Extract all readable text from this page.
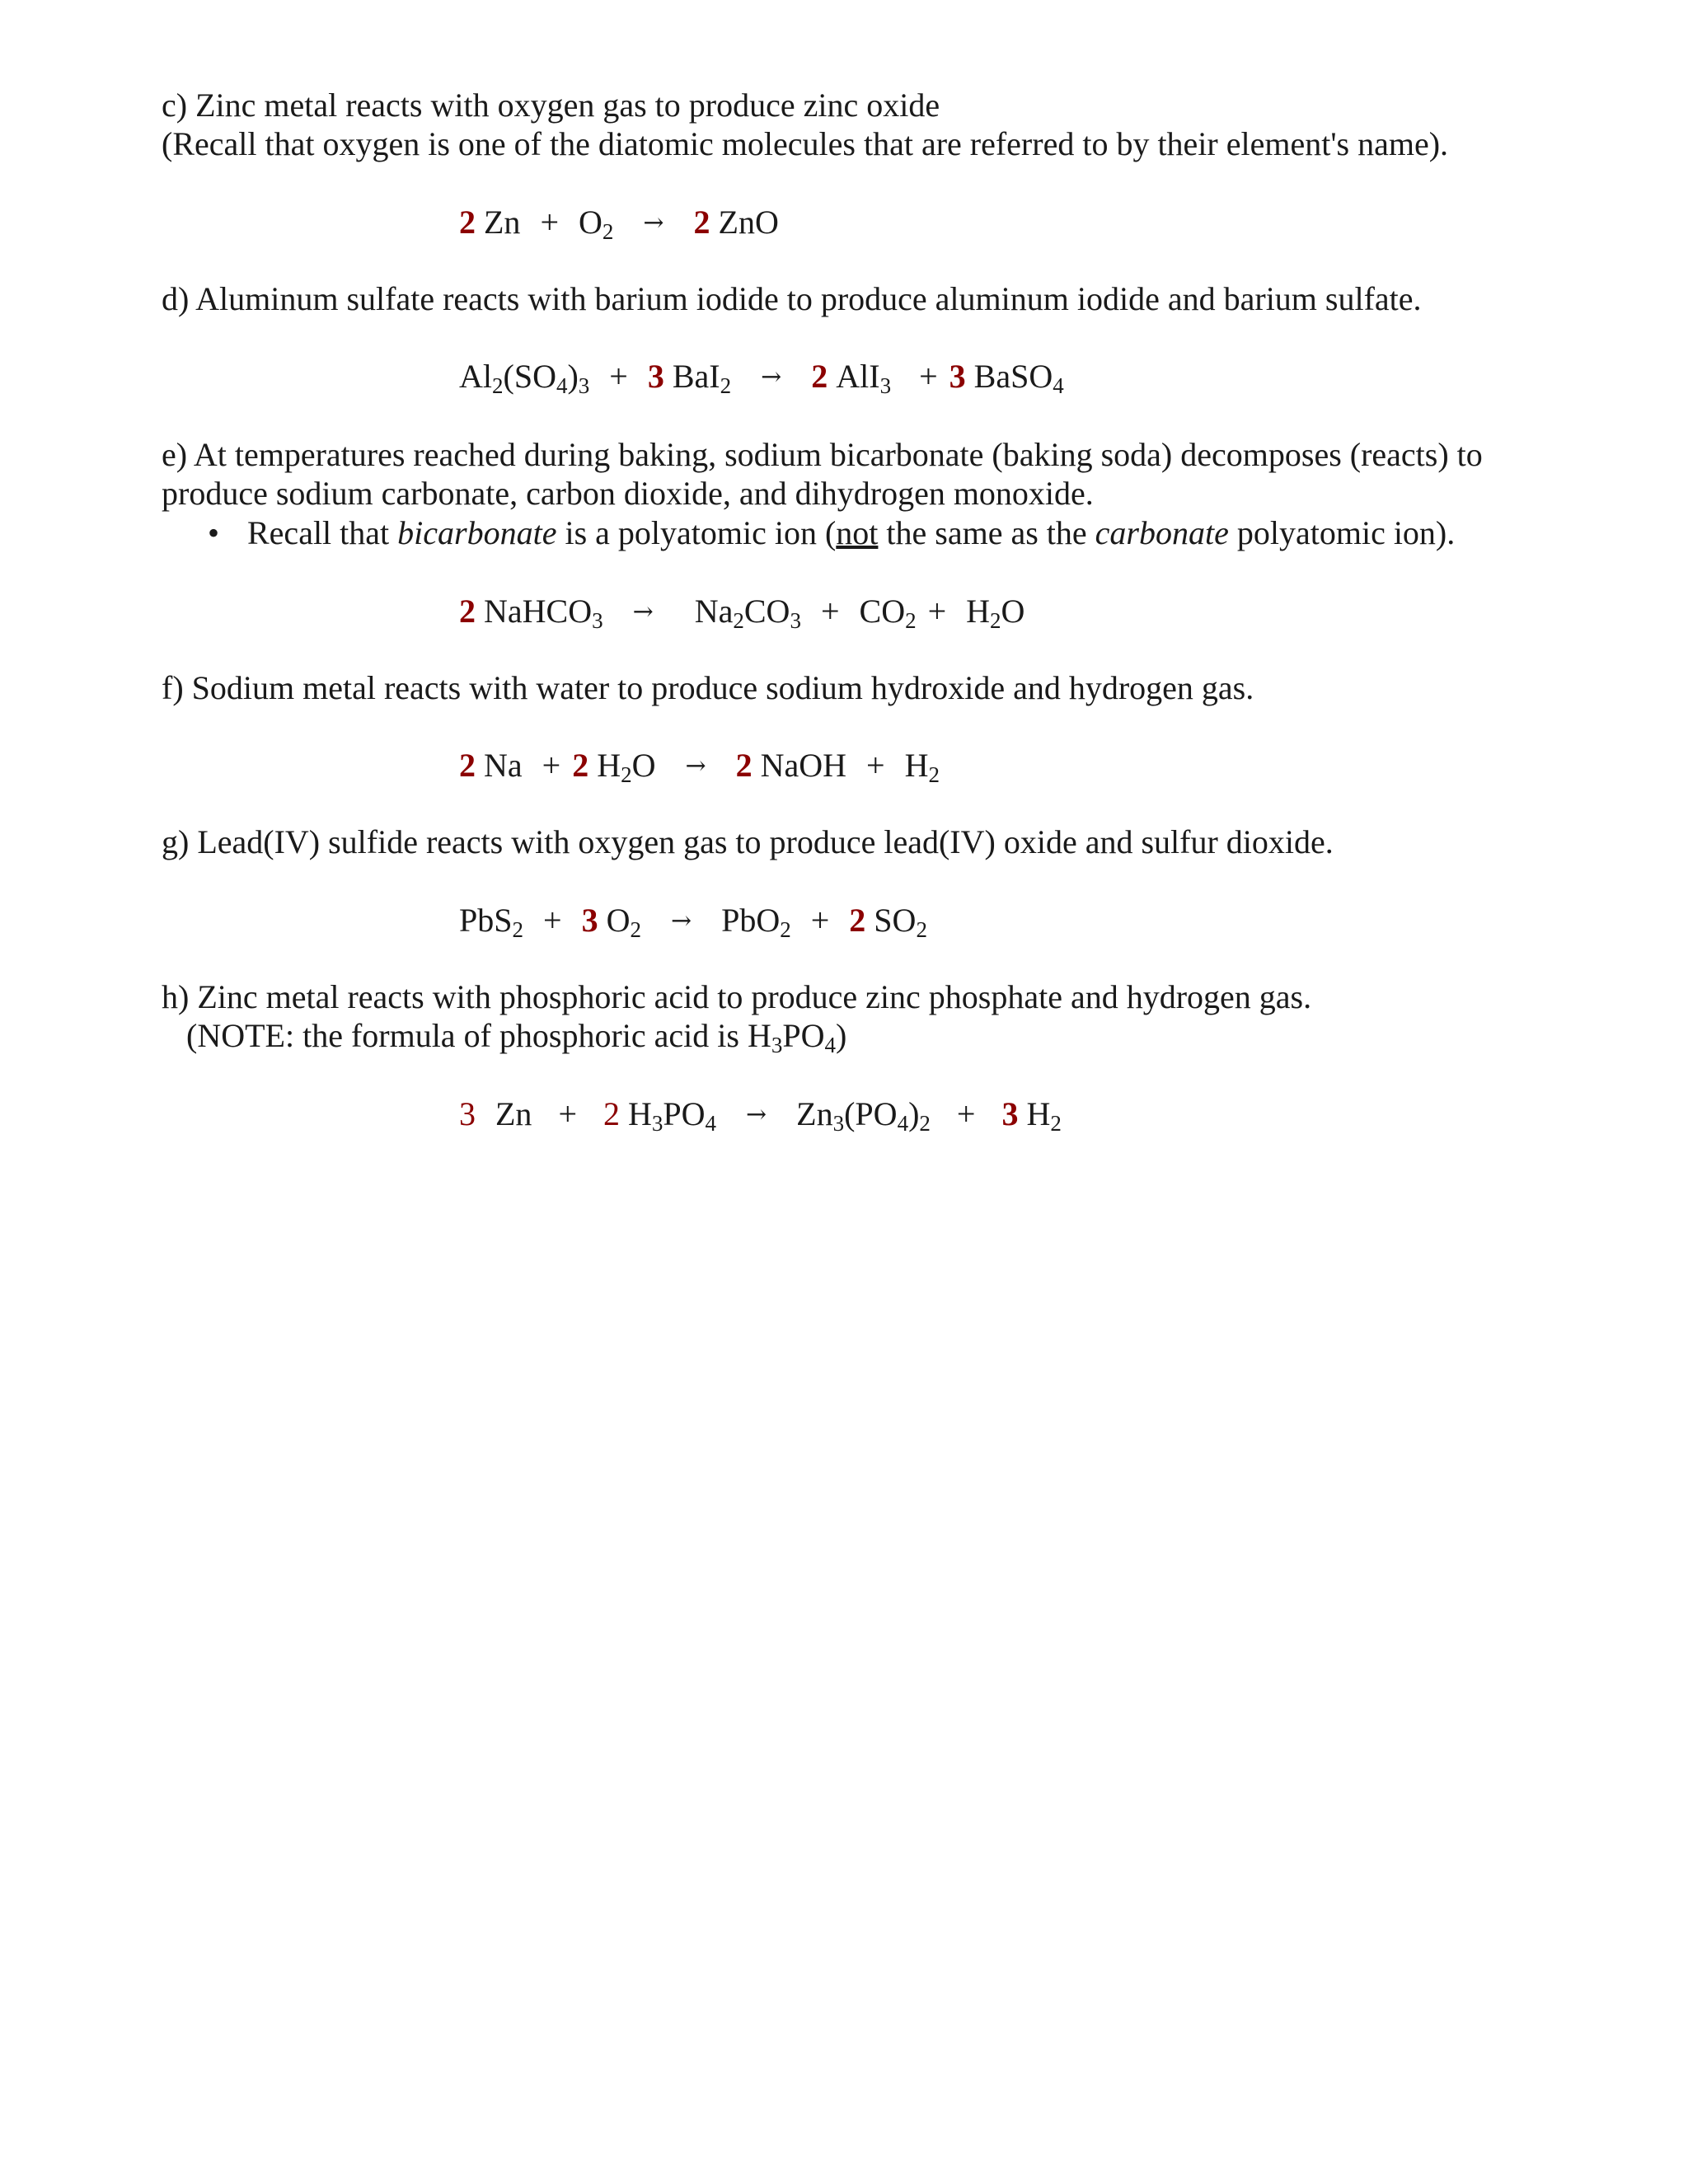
c) Zinc metal reacts with oxygen gas to produce zinc oxide

(Recall that oxygen is one of the diatomic molecules that are referred to by their element's name).

2 $Zn + O_2 \to 2$ ZnO

d) Aluminum sulfate reacts with barium iodide to produce aluminum iodide and barium sulfate.

$Al_2(SO_4)_3 + 3$ BaI$_2$ → 2 AlI$_3$ + 3 BaSO$_4$

e) At temperatures reached during baking, sodium bicarbonate (baking soda) decomposes (reacts) to

produce sodium carbonate, carbon dioxide, and dihydrogen monoxide.

• Recall that bicarbonate is a polyatomic ion (not the same as the carbonate polyatomic ion).
2 NaHCO$_3$ → $Na_2CO_3 + CO_2 + H_2O$

f) Sodium metal reacts with water to produce sodium hydroxide and hydrogen gas.

2 Na + 2 $H_2O \to 2$ NaOH + $H_2$

g) Lead(IV) sulfide reacts with oxygen gas to produce lead(IV) oxide and sulfur dioxide.

PbS$_2$ + 3 $O_2 \to PbO_2 + 2$ $SO_2$

h) Zinc metal reacts with phosphoric acid to produce zinc phosphate and hydrogen gas.

(NOTE: the formula of phosphoric acid is $H_3PO_4$)

3 Zn + 2 $H_3PO_4 \to Zn_3(PO_4)_2 + 3$ $H_2$
